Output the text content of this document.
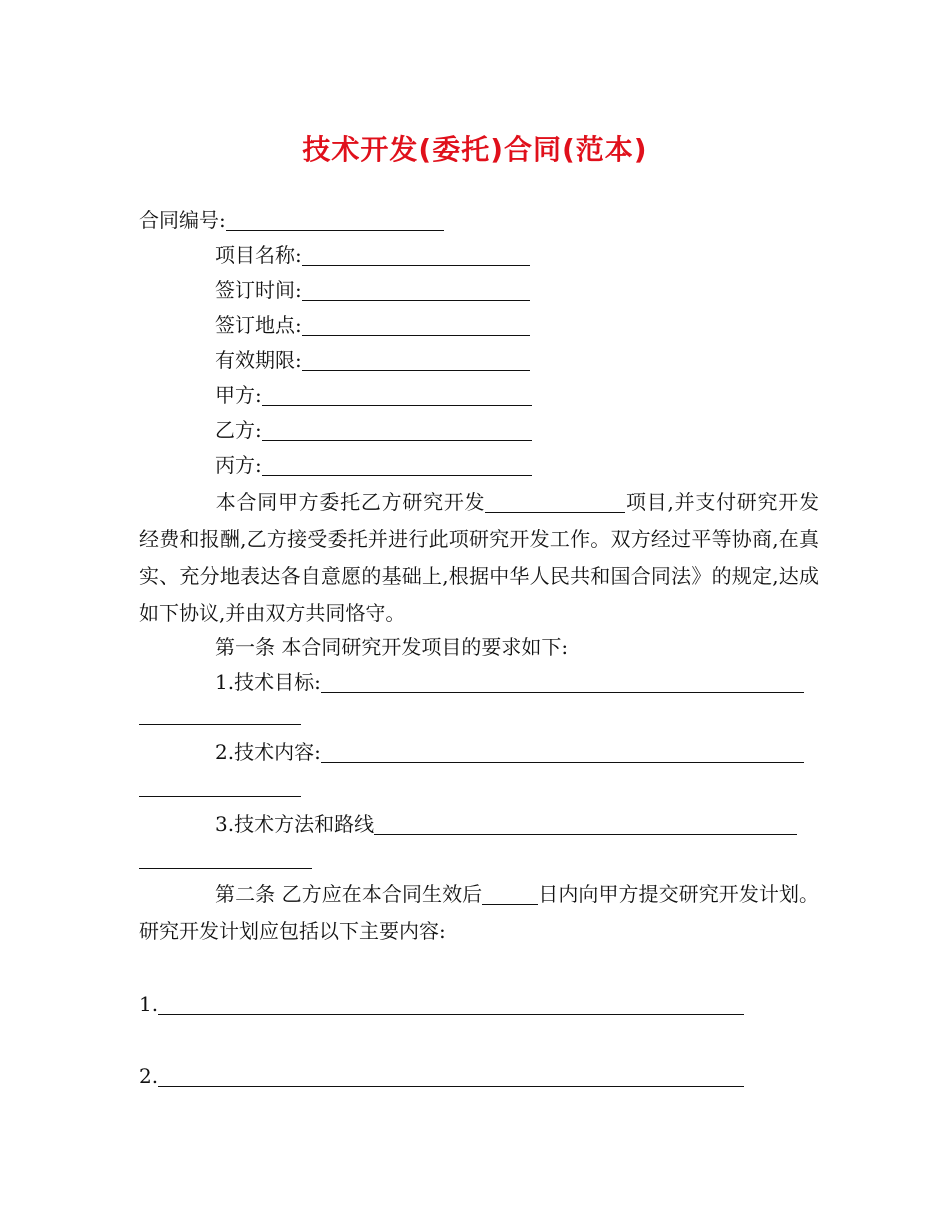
技术开发(委托)合同(范本)
合同编号:
项目名称:
签订时间:
签订地点:
有效期限:
甲方:
乙方:
丙方:
本合同甲方委托乙方研究开发	项目,并支付研究开发经费和报酬,乙方接受委托并进行此项研究开发工作。双方经过平等协商,在真实、充分地表达各自意愿的基础上,根据中华人民共和国合同法》的规定,达成如下协议,并由双方共同恪守。
第一条 本合同研究开发项目的要求如下:
1.技术目标:
2.技术内容:
3.技术方法和路线
第二条 乙方应在本合同生效后	日内向甲方提交研究开发计划。研究开发计划应包括以下主要内容:
1.
2.
